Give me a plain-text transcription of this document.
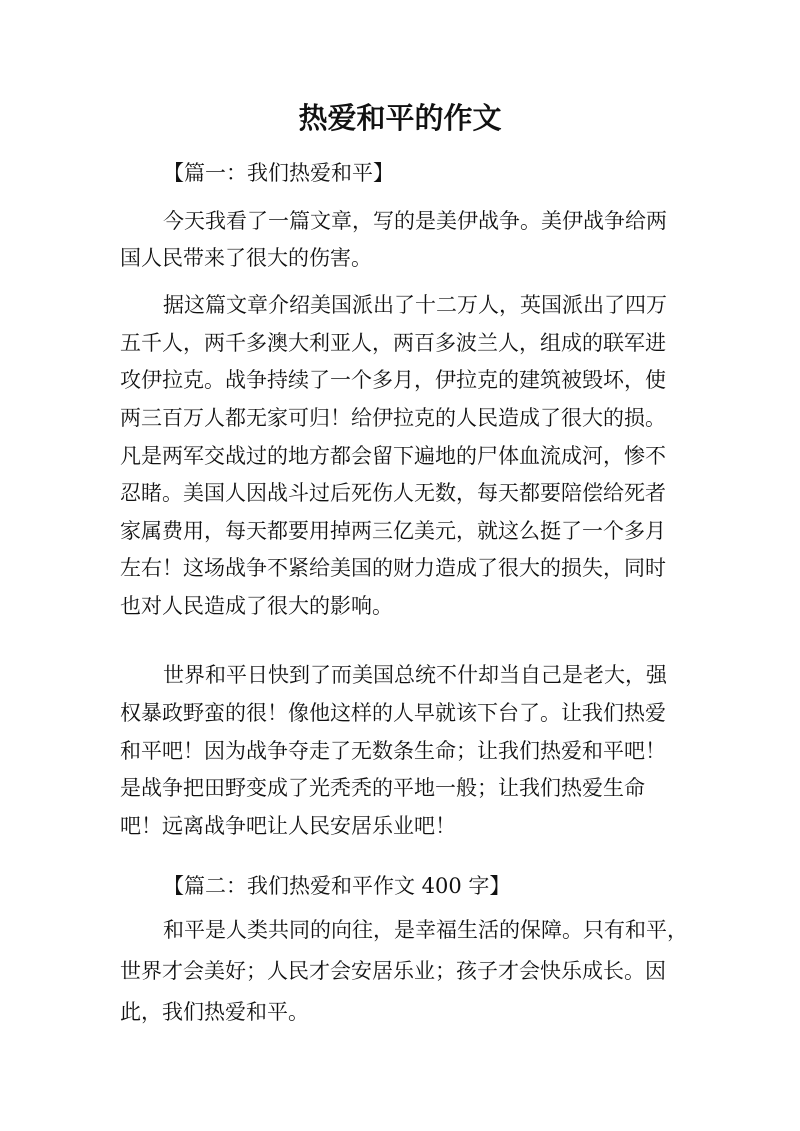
热爱和平的作文
【篇一：我们热爱和平】
今天我看了一篇文章，写的是美伊战争。美伊战争给两
国人民带来了很大的伤害。
据这篇文章介绍美国派出了十二万人，英国派出了四万
五千人，两千多澳大利亚人，两百多波兰人，组成的联军进
攻伊拉克。战争持续了一个多月，伊拉克的建筑被毁坏，使
两三百万人都无家可归！给伊拉克的人民造成了很大的损。
凡是两军交战过的地方都会留下遍地的尸体血流成河，惨不
忍睹。美国人因战斗过后死伤人无数，每天都要陪偿给死者
家属费用，每天都要用掉两三亿美元，就这么挺了一个多月
左右！这场战争不紧给美国的财力造成了很大的损失，同时
也对人民造成了很大的影响。
世界和平日快到了而美国总统不什却当自己是老大，强
权暴政野蛮的很！像他这样的人早就该下台了。让我们热爱
和平吧！因为战争夺走了无数条生命；让我们热爱和平吧！
是战争把田野变成了光秃秃的平地一般；让我们热爱生命
吧！远离战争吧让人民安居乐业吧！
【篇二：我们热爱和平作文 400 字】
和平是人类共同的向往，是幸福生活的保障。只有和平，
世界才会美好；人民才会安居乐业；孩子才会快乐成长。因
此，我们热爱和平。
